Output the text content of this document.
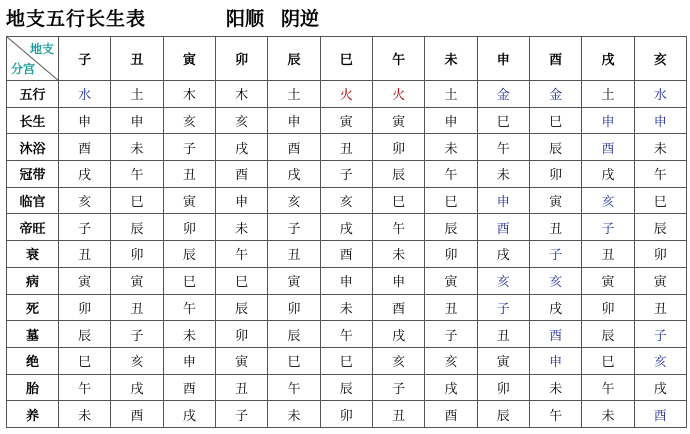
地支五行长生表	阳顺 阴逆
地支
分宫	子	丑	寅	卯	辰	巳	午	未	申	酉	戌	亥
五行	水	土	木	木	土	火	火	土	金	金	土	水
长生	申	申	亥	亥	申	寅	寅	申	巳	巳	申	申
沐浴	酉	未	子	戌	酉	丑	卯	未	午	辰	酉	未
冠带	戌	午	丑	酉	戌	子	辰	午	未	卯	戌	午
临官	亥	巳	寅	申	亥	亥	巳	巳	申	寅	亥	巳
帝旺	子	辰	卯	未	子	戌	午	辰	酉	丑	子	辰
衰	丑	卯	辰	午	丑	酉	未	卯	戌	子	丑	卯
病	寅	寅	巳	巳	寅	申	申	寅	亥	亥	寅	寅
死	卯	丑	午	辰	卯	未	酉	丑	子	戌	卯	丑
墓	辰	子	未	卯	辰	午	戌	子	丑	酉	辰	子
绝	巳	亥	申	寅	巳	巳	亥	亥	寅	申	巳	亥
胎	午	戌	酉	丑	午	辰	子	戌	卯	未	午	戌
养	未	酉	戌	子	未	卯	丑	酉	辰	午	未	酉
